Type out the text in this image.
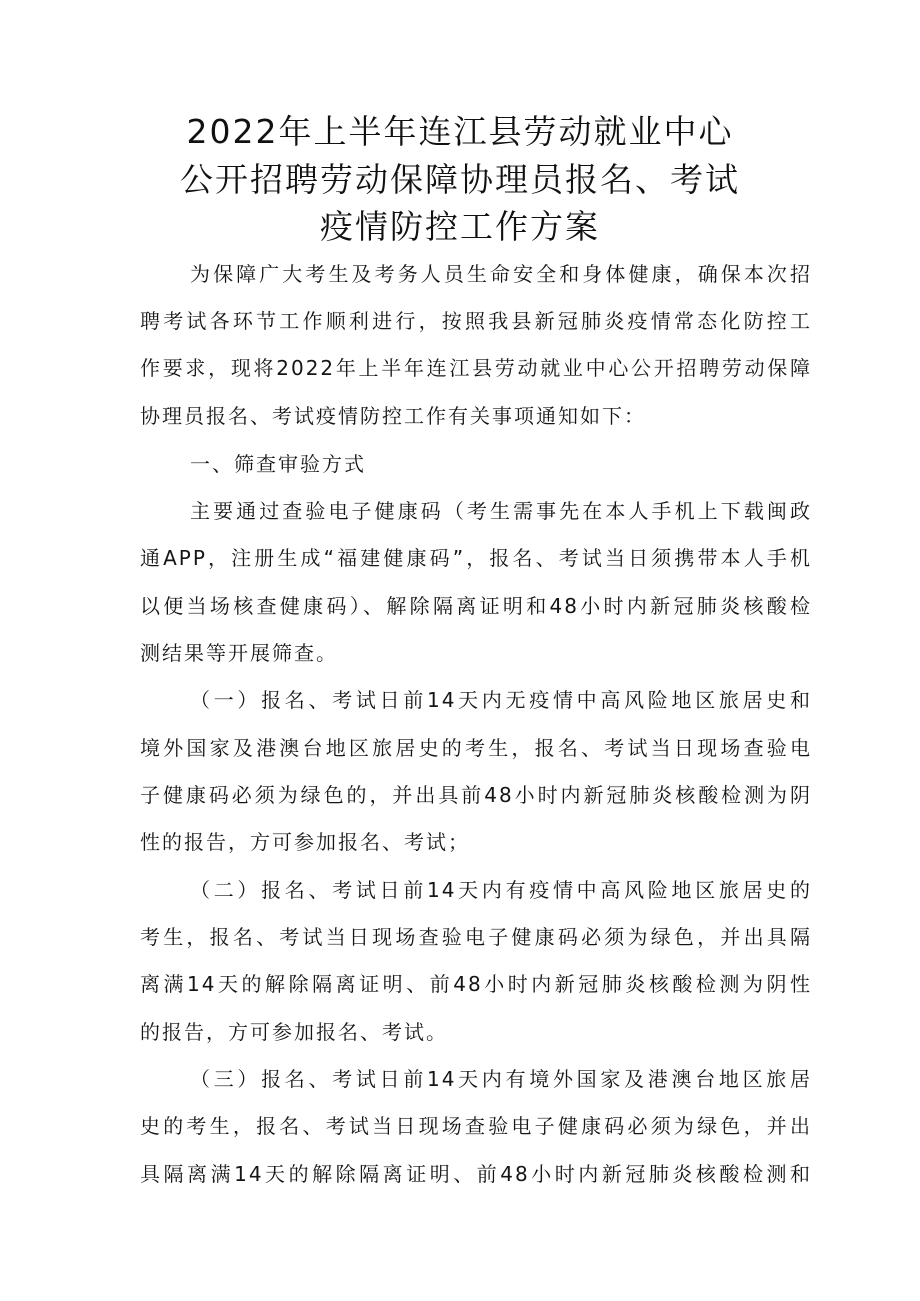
2022年上半年连江县劳动就业中心
公开招聘劳动保障协理员报名、考试
疫情防控工作方案
为保障广大考生及考务人员生命安全和身体健康，确保本次招
聘考试各环节工作顺利进行，按照我县新冠肺炎疫情常态化防控工
作要求，现将2022年上半年连江县劳动就业中心公开招聘劳动保障
协理员报名、考试疫情防控工作有关事项通知如下：
一、筛查审验方式
主要通过查验电子健康码（考生需事先在本人手机上下载闽政
通APP，注册生成“福建健康码”，报名、考试当日须携带本人手机
以便当场核查健康码）、解除隔离证明和48小时内新冠肺炎核酸检
测结果等开展筛查。
（一）报名、考试日前14天内无疫情中高风险地区旅居史和
境外国家及港澳台地区旅居史的考生，报名、考试当日现场查验电
子健康码必须为绿色的，并出具前48小时内新冠肺炎核酸检测为阴
性的报告，方可参加报名、考试；
（二）报名、考试日前14天内有疫情中高风险地区旅居史的
考生，报名、考试当日现场查验电子健康码必须为绿色，并出具隔
离满14天的解除隔离证明、前48小时内新冠肺炎核酸检测为阴性
的报告，方可参加报名、考试。
（三）报名、考试日前14天内有境外国家及港澳台地区旅居
史的考生，报名、考试当日现场查验电子健康码必须为绿色，并出
具隔离满14天的解除隔离证明、前48小时内新冠肺炎核酸检测和
